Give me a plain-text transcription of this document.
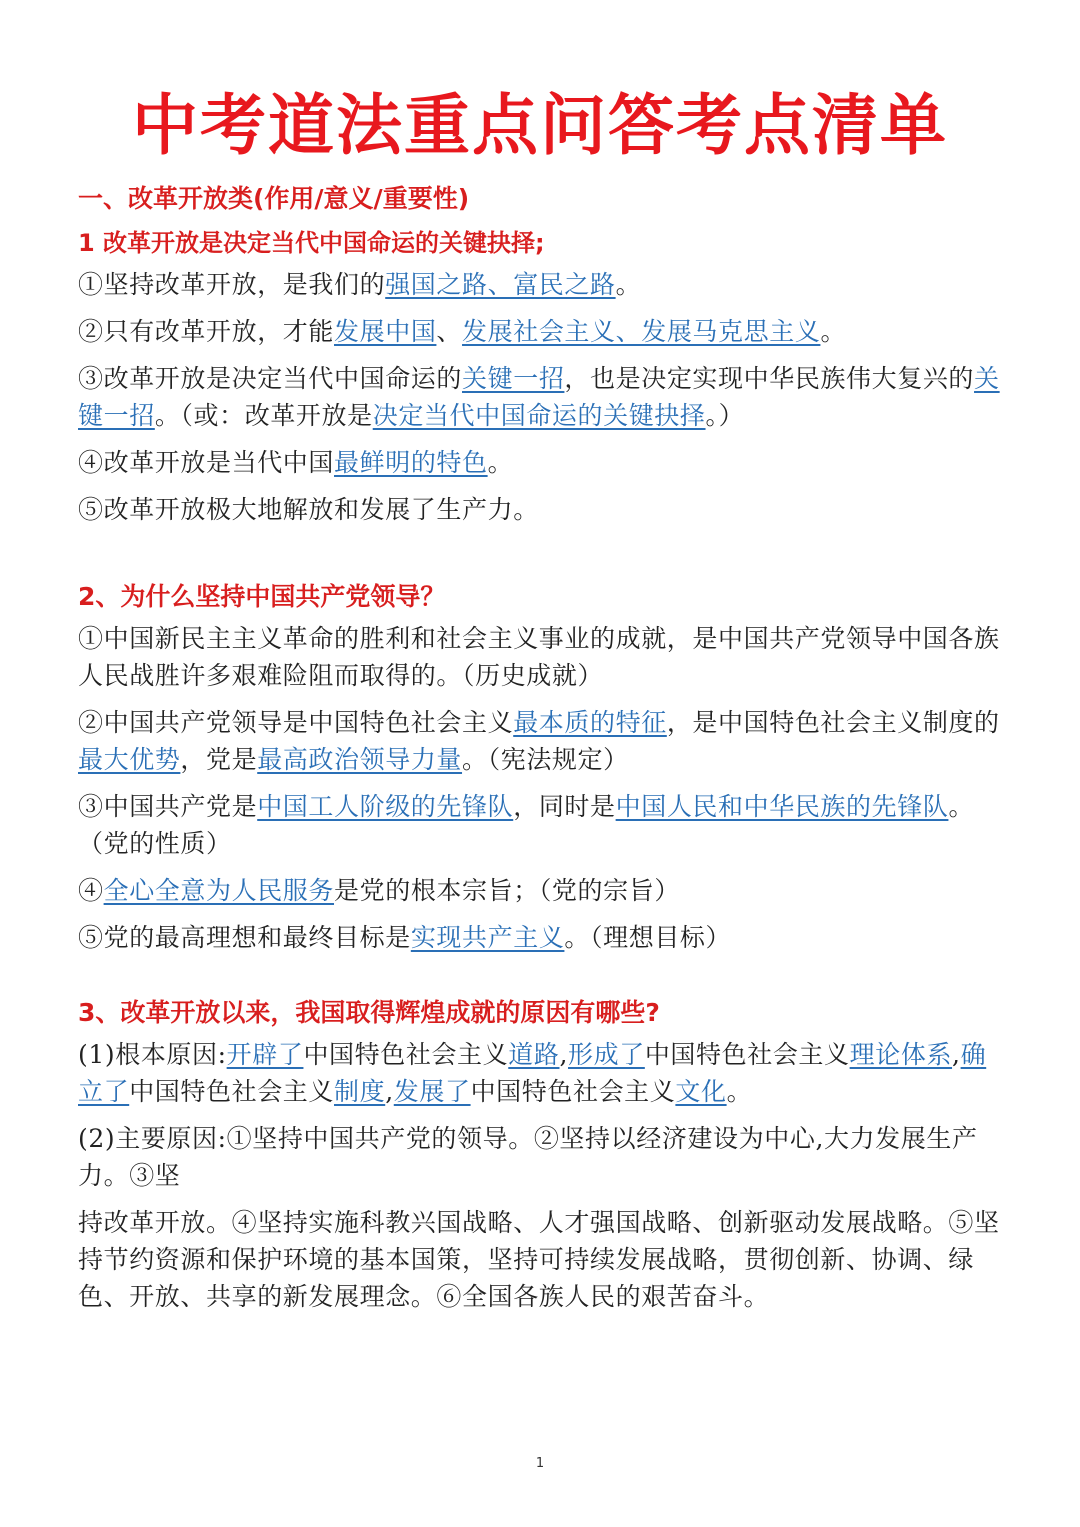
中考道法重点问答考点清单
一、改革开放类(作用/意义/重要性)
1 改革开放是决定当代中国命运的关键抉择;

①坚持改革开放，是我们的强国之路、富民之路。

②只有改革开放，才能发展中国、发展社会主义、发展马克思主义。

③改革开放是决定当代中国命运的关键一招，也是决定实现中华民族伟大复兴的关键一招。（或：改革开放是决定当代中国命运的关键抉择。）

④改革开放是当代中国最鲜明的特色。

⑤改革开放极大地解放和发展了生产力。

2、为什么坚持中国共产党领导？

①中国新民主主义革命的胜利和社会主义事业的成就，是中国共产党领导中国各族人民战胜许多艰难险阻而取得的。（历史成就）

②中国共产党领导是中国特色社会主义最本质的特征，是中国特色社会主义制度的最大优势，党是最高政治领导力量。（宪法规定）

③中国共产党是中国工人阶级的先锋队，同时是中国人民和中华民族的先锋队。（党的性质）

④全心全意为人民服务是党的根本宗旨；（党的宗旨）

⑤党的最高理想和最终目标是实现共产主义。（理想目标）

3、改革开放以来，我国取得辉煌成就的原因有哪些?

(1)根本原因:开辟了中国特色社会主义道路,形成了中国特色社会主义理论体系,确立了中国特色社会主义制度,发展了中国特色社会主义文化。

(2)主要原因:①坚持中国共产党的领导。②坚持以经济建设为中心,大力发展生产力。③坚

持改革开放。④坚持实施科教兴国战略、人才强国战略、创新驱动发展战略。⑤坚持节约资源和保护环境的基本国策，坚持可持续发展战略，贯彻创新、协调、绿色、开放、共享的新发展理念。⑥全国各族人民的艰苦奋斗。

1
